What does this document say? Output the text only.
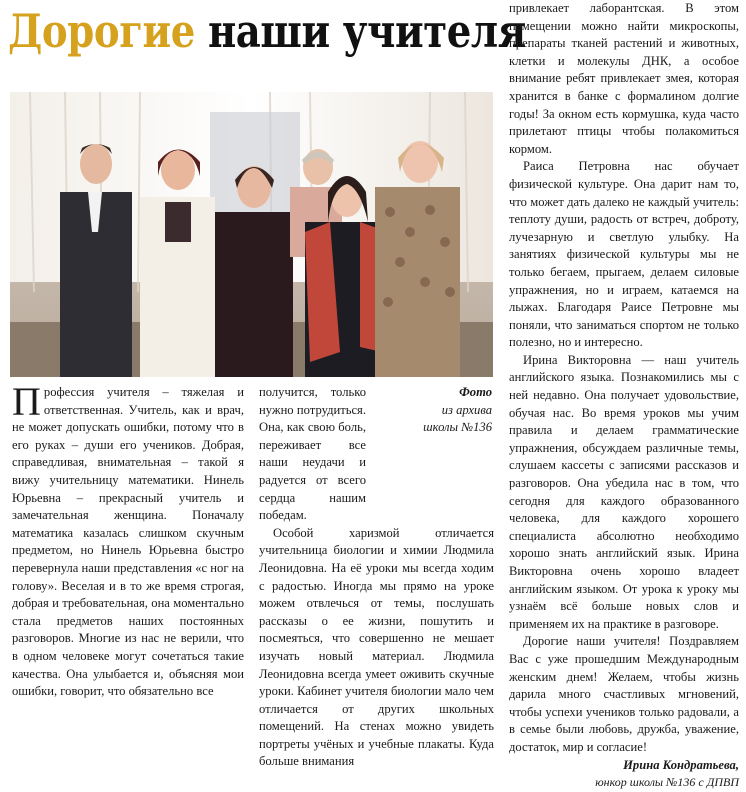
Дорогие наши учителя
Фото
из архива
школы №136

Профессия учителя – тяжелая и ответственная. Учитель, как и врач, не может допускать ошибки, потому что в его руках – души его учеников. Добрая, справедливая, внимательная – такой я вижу учительницу математики. Нинель Юрьевна – прекрасный учитель и замечательная женщина. Поначалу математика казалась слишком скучным предметом, но Нинель Юрьевна быстро перевернула наши представления «с ног на голову». Веселая и в то же время строгая, добрая и требовательная, она моментально стала предметов наших постоянных разговоров. Многие из нас не верили, что в одном человеке могут сочетаться такие качества. Она улыбается и, объясняя мои ошибки, говорит, что обязательно все

получится, только нужно потрудиться. Она, как свою боль, переживает все наши неудачи и радуется от всего сердца нашим победам.

Особой харизмой отличается учительница биологии и химии Людмила Леонидовна. На её уроки мы всегда ходим с радостью. Иногда мы прямо на уроке можем отвлечься от темы, послушать рассказы о ее жизни, пошутить и посмеяться, что совершенно не мешает изучать новый материал. Людмила Леонидовна всегда умеет оживить скучные уроки. Кабинет учителя биологии мало чем отличается от других школьных помещений. На стенах можно увидеть портреты учёных и учебные плакаты. Куда больше внимания

привлекает лаборантская. В этом помещении можно найти микроскопы, препараты тканей растений и животных, клетки и молекулы ДНК, а особое внимание ребят привлекает змея, которая хранится в банке с формалином долгие годы! За окном есть кормушка, куда часто прилетают птицы чтобы полакомиться кормом.

Раиса Петровна нас обучает физической культуре. Она дарит нам то, что может дать далеко не каждый учитель: теплоту души, радость от встреч, доброту, лучезарную и светлую улыбку. На занятиях физической культуры мы не только бегаем, прыгаем, делаем силовые упражнения, но и играем, катаемся на лыжах. Благодаря Раисе Петровне мы поняли, что заниматься спортом не только полезно, но и интересно.

Ирина Викторовна — наш учитель английского языка. Познакомились мы с ней недавно. Она получает удовольствие, обучая нас. Во время уроков мы учим правила и делаем грамматические упражнения, обсуждаем различные темы, слушаем кассеты с записями рассказов и разговоров. Она убедила нас в том, что сегодня для каждого образованного человека, для каждого хорошего специалиста абсолютно необходимо хорошо знать английский язык. Ирина Викторовна очень хорошо владеет английским языком. От урока к уроку мы узнаём всё больше новых слов и применяем их на практике в разговоре.

Дорогие наши учителя! Поздравляем Вас с уже прошедшим Международным женским днем! Желаем, чтобы жизнь дарила много счастливых мгновений, чтобы успехи учеников только радовали, а в семье были любовь, дружба, уважение, достаток, мир и согласие!

Ирина Кондратьева,
юнкор школы №136 с ДПВП
